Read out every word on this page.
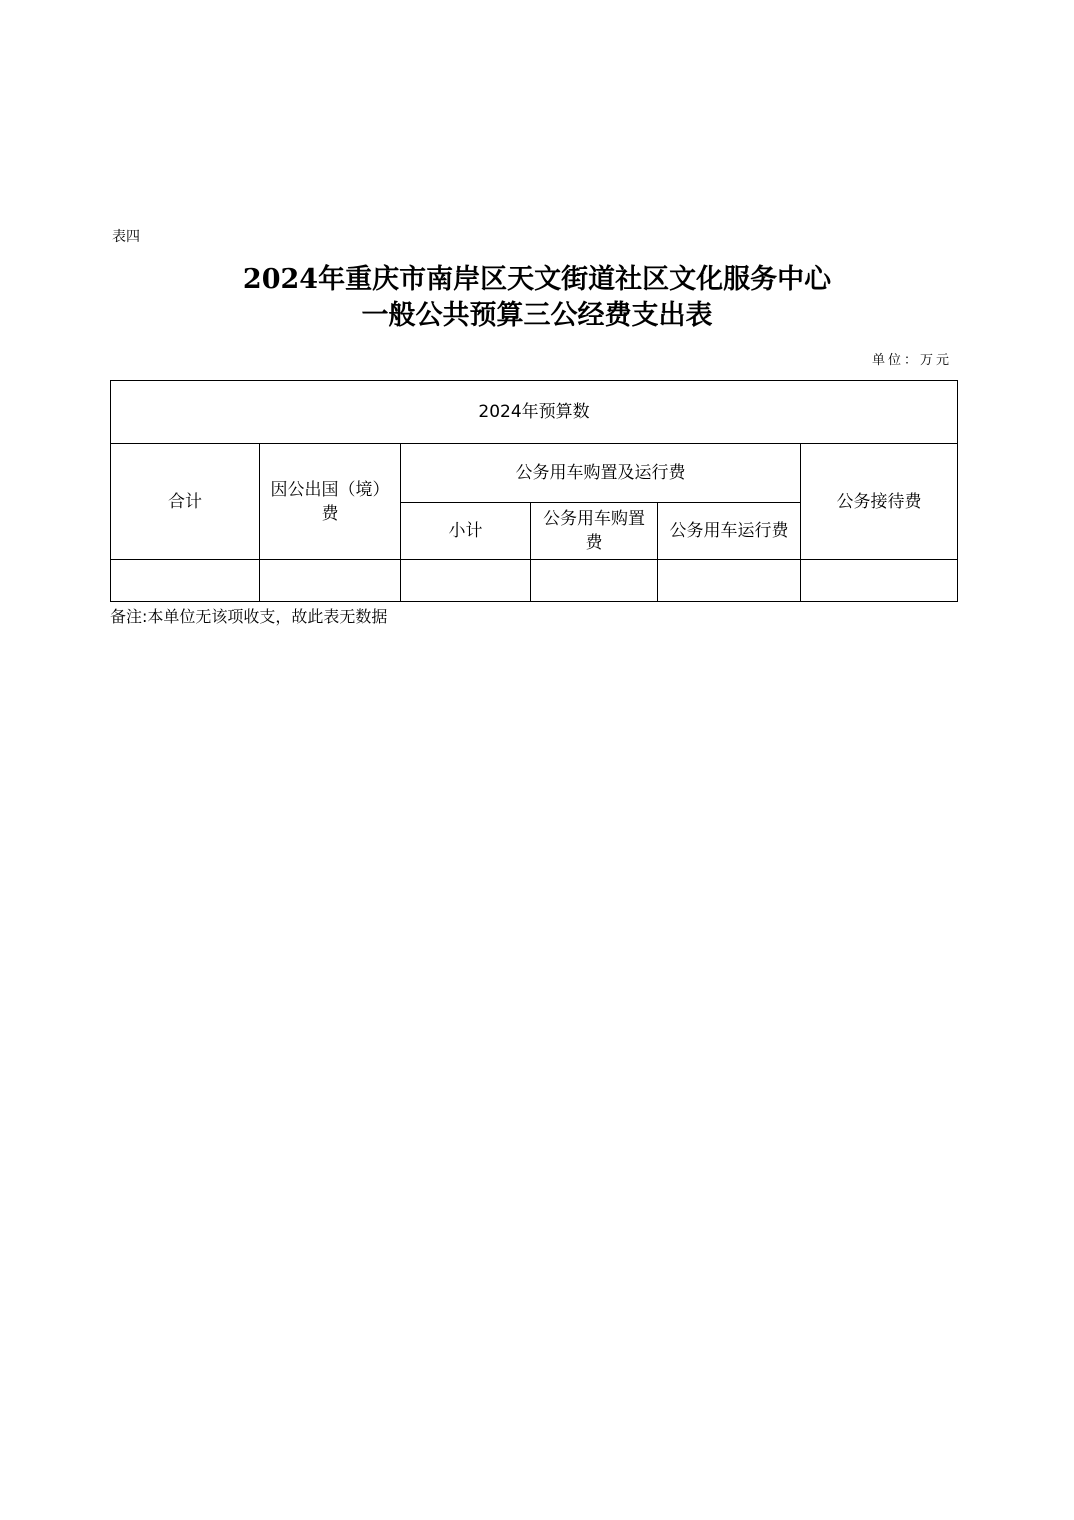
表四
2024年重庆市南岸区天文街道社区文化服务中心
一般公共预算三公经费支出表
单位：万元
2024年预算数					
合计	因公出国（境）费	公务用车购置及运行费			公务接待费
		小计	公务用车购置费	公务用车运行费	

备注:本单位无该项收支，故此表无数据
